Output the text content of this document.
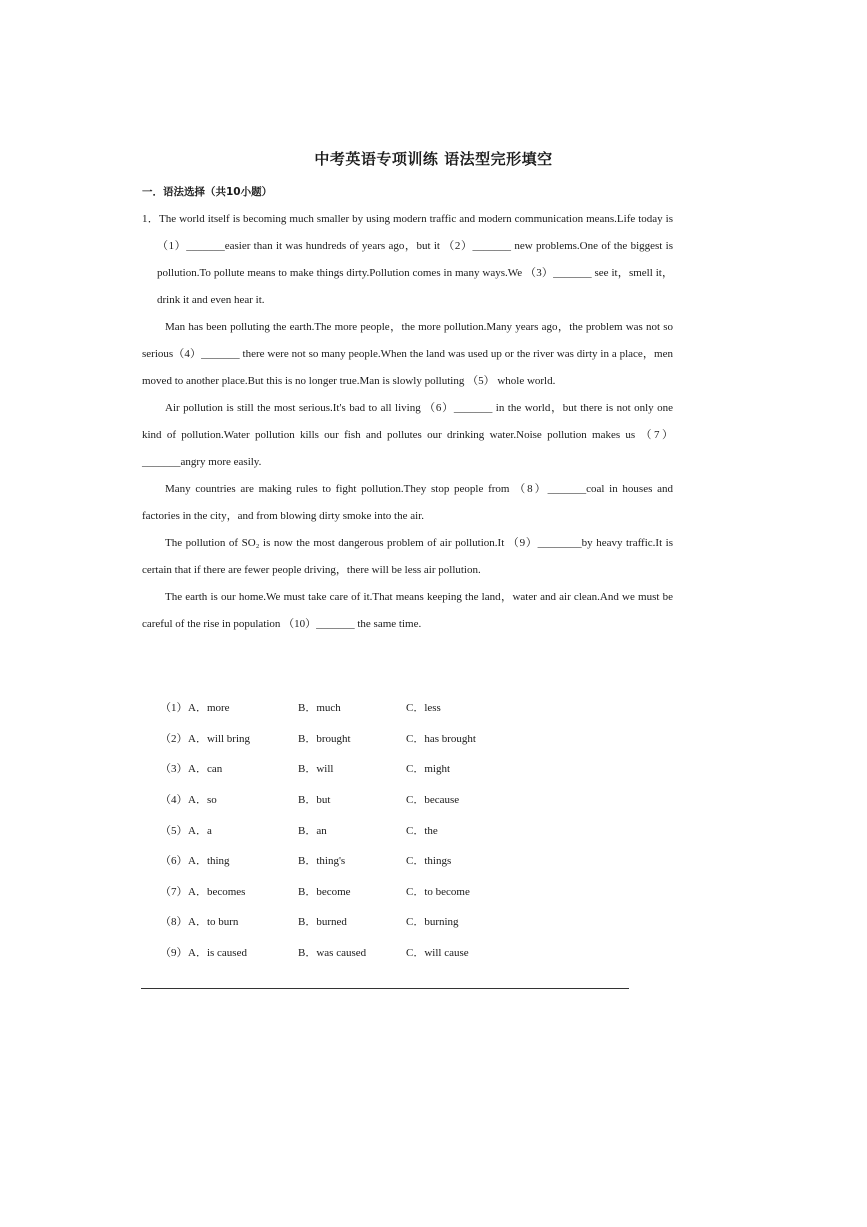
中考英语专项训练 语法型完形填空
一．语法选择（共10小题）

1．The world itself is becoming much smaller by using modern traffic and modern communication means.Life today is （1）_______easier than it was hundreds of years ago，but it （2）_______ new problems.One of the biggest is pollution.To pollute means to make things dirty.Pollution comes in many ways.We （3）_______ see it，smell it，drink it and even hear it.

Man has been polluting the earth.The more people，the more pollution.Many years ago，the problem was not so serious（4）_______ there were not so many people.When the land was used up or the river was dirty in a place，men moved to another place.But this is no longer true.Man is slowly polluting （5） whole world.

Air pollution is still the most serious.It's bad to all living （6）_______ in the world，but there is not only one kind of pollution.Water pollution kills our fish and pollutes our drinking water.Noise pollution makes us （7）_______angry more easily.

Many countries are making rules to fight pollution.They stop people from （8）_______coal in houses and factories in the city，and from blowing dirty smoke into the air.

The pollution of SO₂ is now the most dangerous problem of air pollution.It （9）________by heavy traffic.It is certain that if there are fewer people driving，there will be less air pollution.

The earth is our home.We must take care of it.That means keeping the land，water and air clean.And we must be careful of the rise in population （10）_______ the same time.

（1） A．more	B．much	C．less
（2） A．will bring	B．brought	C．has brought
（3） A．can	B．will	C．might
（4） A．so	B．but	C．because
（5） A．a	B．an	C．the
（6） A．thing	B．thing's	C．things
（7） A．becomes	B．become	C．to become
（8） A．to burn	B．burned	C．burning
（9） A．is caused	B．was caused	C．will cause
